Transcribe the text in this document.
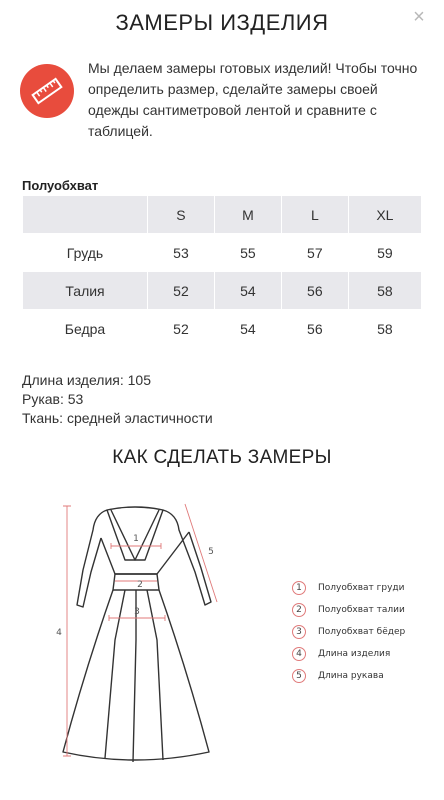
ЗАМЕРЫ ИЗДЕЛИЯ	×
Мы делаем замеры готовых изделий! Чтобы точно определить размер, сделайте замеры своей одежды сантиметровой лентой и сравните с таблицей.
Полуобхват
	S	M	L	XL
Грудь	53	55	57	59
Талия	52	54	56	58
Бедра	52	54	56	58
Длина изделия: 105
Рукав: 53
Ткань: средней эластичности
КАК СДЕЛАТЬ ЗАМЕРЫ
1
2
3
4
5
1	Полуобхват груди
2	Полуобхват талии
3	Полуобхват бёдер
4	Длина изделия
5	Длина рукава
